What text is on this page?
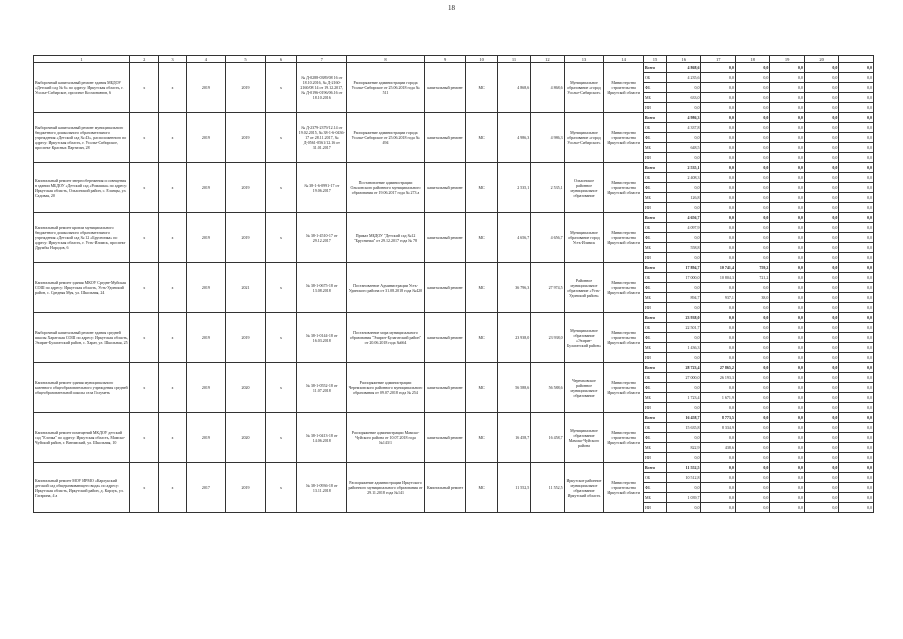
18
1	2	3	4	5	6	7	8	9	10	11	12	13	14	15	16	17	18	19	20	
Выборочный капитальный ремонт здания МБДОУ «Детский сад № 6» по адресу: Иркутская область, г. Усолье-Сибирское, проспект Космонавтов, 6	х	х	2019	2019	х	№ Д-0288-0389/08 16 от 18.10.2016, № Д-2160-2160/08 14 от 19.12.2017, № Д-0196-0196/06.16 от 18.10.2016	Распоряжение администрации города Усолье-Сибирское от 25.06.2018 года № 511	капитальный ремонт	МС	4 868,6	4 868,6	Муниципальное образование «город Усолье-Сибирское»	Министерство строительства Иркутской области	Всего	4 868,6	0,0	0,0	0,0	0,0	0,0
														ОБ	4 235,6	0,0	0,0	0,0	0,0	0,0
														ФБ	0,0	0,0	0,0	0,0	0,0	0,0
														МБ	633,0	0,0	0,0	0,0	0,0	0,0
														ИИ	0,0	0,0	0,0	0,0	0,0	0,0
Выборочный капитальный ремонт муниципального бюджетного дошкольного образовательного учреждения «Детский сад № 43», расположенного по адресу: Иркутская область, г. Усолье-Сибирское, проспект Красных Партизан, 28	х	х	2019	2019	х	№ Д-2379-2379/12.14 от 19.02.2015, № 38-1-6-0436-17 от 28.11.2017, № Д-0561-0561/12.16 от 31.01.2017	Распоряжение администрации города Усолье-Сибирское от 25.06.2018 года № 494	капитальный ремонт	МС	4 986,3	4 986,3	Муниципальное образование «город Усолье-Сибирское»	Министерство строительства Иркутской области	Всего	4 986,3	0,0	0,0	0,0	0,0	0,0
														ОБ	4 337,8	0,0	0,0	0,0	0,0	0,0
														ФБ	0,0	0,0	0,0	0,0	0,0	0,0
														МБ	648,5	0,0	0,0	0,0	0,0	0,0
														ИИ	0,0	0,0	0,0	0,0	0,0	0,0
Капитальный ремонт энергосбережения и освещения в здании МБДОУ «Детский сад «Ромашка» по адресу: Иркутская область, Ольхонский район, с. Еланцы, ул. Садовая, 20	х	х	2019	2019	х	№ 38-1-6-0991-17 от 19.06.2017	Постановление администрации Ольхонского районного муниципального образования от 19.06.2017 года № 273 а	капитальный ремонт	МС	2 535,1	2 535,1	Ольхонское районное муниципальное образование	Министерство строительства Иркутской области	Всего	2 535,1	0,0	0,0	0,0	0,0	0,0
														ОБ	2 408,3	0,0	0,0	0,0	0,0	0,0
														ФБ	0,0	0,0	0,0	0,0	0,0	0,0
														МБ	126,8	0,0	0,0	0,0	0,0	0,0
														ИИ	0,0	0,0	0,0	0,0	0,0	0,0
Капитальный ремонт кровли муниципального бюджетного дошкольного образовательного учреждения «Детский сад № 12 «Брусничка» по адресу: Иркутская область, г. Усть-Илимск, проспект Дружбы Народов, 6	х	х	2019	2019	х	№ 38-1-4510-17 от 29.12.2017	Приказ МБДОУ "Детский сад №12 "Брусничка" от 29.12.2017 года № 78	капитальный ремонт	МС	4 656,7	4 656,7	Муниципальное образование город Усть-Илимск	Министерство строительства Иркутской области	Всего	4 656,7	0,0	0,0	0,0	0,0	0,0
														ОБ	4 097,9	0,0	0,0	0,0	0,0	0,0
														ФБ	0,0	0,0	0,0	0,0	0,0	0,0
														МБ	558,8	0,0	0,0	0,0	0,0	0,0
														ИИ	0,0	0,0	0,0	0,0	0,0	0,0
Капитальный ремонт здания МКОУ Средне-Муйская СОШ по адресу: Иркутская область, Усть-Удинский район, с. Средняя Муя, ул. Школьная, 24	х	х	2019	2021	х	№ 38-1-0675-18 от 13.08.2018	Постановление Администрации Усть-Удинского района от 31.08.2018 года №420	капитальный ремонт	МС	36 796,3	27 974,5	Районное муниципальное образование «Усть-Удинский район»	Министерство строительства Иркутской области	Всего	17 894,7	10 741,4	759,2	0,0	0,0	0,0
														ОБ	17 000,0	10 804,3	721,2	0,0	0,0	0,0
														ФБ	0,0	0,0	0,0	0,0	0,0	0,0
														МБ	894,7	937,1	38,0	0,0	0,0	0,0
														ИИ	0,0	0,0	0,0	0,0	0,0	0,0
Выборочный капитальный ремонт здания средней школы Харатская СОШ по адресу: Иркутская область, Эхирит-Булагатский район, с. Харат, ул. Школьная, 25	х	х	2019	2019	х	№ 38-1-0144-18 от 16.03.2018	Постановление мэра муниципального образования "Эхирит-Булагатский район" от 20.06.2018 года №664	капитальный ремонт	МС	23 938,0	23 938,0	Муниципальное образование «Эхирит-Булагатский район»	Министерство строительства Иркутской области	Всего	23 938,0	0,0	0,0	0,0	0,0	0,0
														ОБ	22 501,7	0,0	0,0	0,0	0,0	0,0
														ФБ	0,0	0,0	0,0	0,0	0,0	0,0
														МБ	1 436,3	0,0	0,0	0,0	0,0	0,0
														ИИ	0,0	0,0	0,0	0,0	0,0	0,0
Капитальный ремонт здания муниципального казенного общеобразовательного учреждения средней общеобразовательной школы села Голуметь	х	х	2019	2020	х	№ 38-1-0552-18 от 11.07.2018	Распоряжение администрации Черемховского районного муниципального образования от 09.07.2018 года № 254	капитальный ремонт	МС	56 588,6	56 588,6	Черемховское районное муниципальное образование	Министерство строительства Иркутской области	Всего	28 723,4	27 865,2	0,0	0,0	0,0	0,0
														ОБ	27 000,0	26 193,3	0,0	0,0	0,0	0,0
														ФБ	0,0	0,0	0,0	0,0	0,0	0,0
														МБ	1 723,4	1 671,9	0,0	0,0	0,0	0,0
														ИИ	0,0	0,0	0,0	0,0	0,0	0,0
Капитальный ремонт помещений МКДОУ детский сад "Елочка" по адресу: Иркутская область, Мамско-Чуйский район, г. Витимский, ул. Школьная, 10	х	х	2019	2020	х	№ 38-1-0413-18 от 14.06.2018	Распоряжение администрации Мамско-Чуйского района от 10.07.2018 года №143/1	капитальный ремонт	МС	16 458,7	16 458,7	Муниципальное образование Мамско-Чуйского района	Министерство строительства Иркутской области	Всего	16 458,7	8 773,5	0,0	0,0	0,0	0,0
														ОБ	15 635,8	8 334,9	0,0	0,0	0,0	0,0
														ФБ	0,0	0,0	0,0	0,0	0,0	0,0
														МБ	822,9	438,6	0,0	0,0	0,0	0,0
														ИИ	0,0	0,0	0,0	0,0	0,0	0,0
Капитальный ремонт МОУ ИРМО «Карлукский детский сад общеразвивающего вида» по адресу: Иркутская область, Иркутский район, д. Карлук, ул. Гагарина, 4 а	х	х	2017	2019	х	№ 38-1-0936-18 от 13.11.2018	Распоряжение администрации Иркутского районного муниципального образования от 29.11.2018 года №141	Капитальный ремонт	МС	11 552,5	11 552,5	Иркутское районное муниципальное образование Иркутский область	Министерство строительства Иркутской области	Всего	11 552,5	0,0	0,0	0,0	0,0	0,0
														ОБ	10 512,8	0,0	0,0	0,0	0,0	0,0
														ФБ	0,0	0,0	0,0	0,0	0,0	0,0
														МБ	1 039,7	0,0	0,0	0,0	0,0	0,0
														ИИ	0,0	0,0	0,0	0,0	0,0	0,0
